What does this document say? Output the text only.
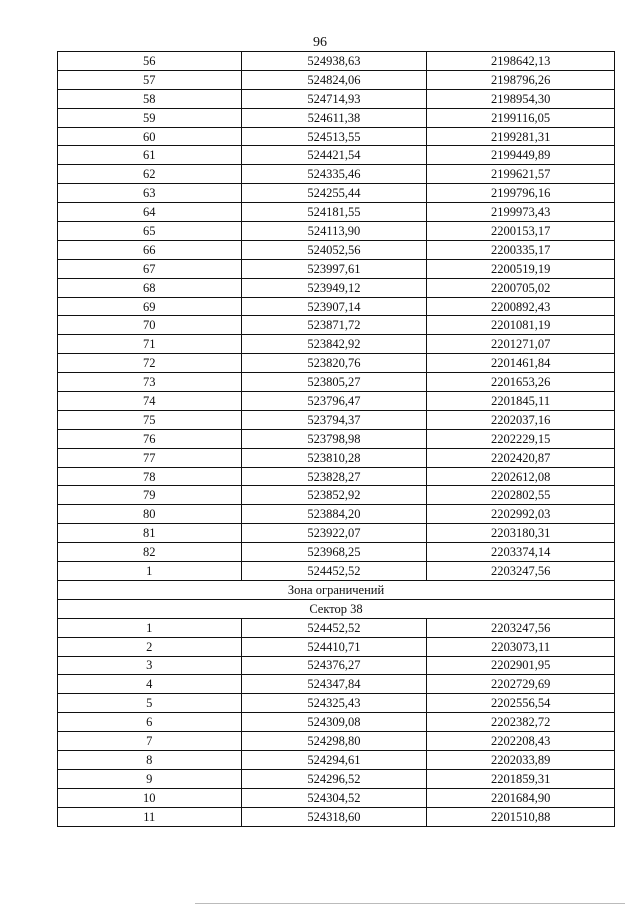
96
56	524938,63	2198642,13
57	524824,06	2198796,26
58	524714,93	2198954,30
59	524611,38	2199116,05
60	524513,55	2199281,31
61	524421,54	2199449,89
62	524335,46	2199621,57
63	524255,44	2199796,16
64	524181,55	2199973,43
65	524113,90	2200153,17
66	524052,56	2200335,17
67	523997,61	2200519,19
68	523949,12	2200705,02
69	523907,14	2200892,43
70	523871,72	2201081,19
71	523842,92	2201271,07
72	523820,76	2201461,84
73	523805,27	2201653,26
74	523796,47	2201845,11
75	523794,37	2202037,16
76	523798,98	2202229,15
77	523810,28	2202420,87
78	523828,27	2202612,08
79	523852,92	2202802,55
80	523884,20	2202992,03
81	523922,07	2203180,31
82	523968,25	2203374,14
1	524452,52	2203247,56
Зона ограничений		
Сектор 38		
1	524452,52	2203247,56
2	524410,71	2203073,11
3	524376,27	2202901,95
4	524347,84	2202729,69
5	524325,43	2202556,54
6	524309,08	2202382,72
7	524298,80	2202208,43
8	524294,61	2202033,89
9	524296,52	2201859,31
10	524304,52	2201684,90
11	524318,60	2201510,88
